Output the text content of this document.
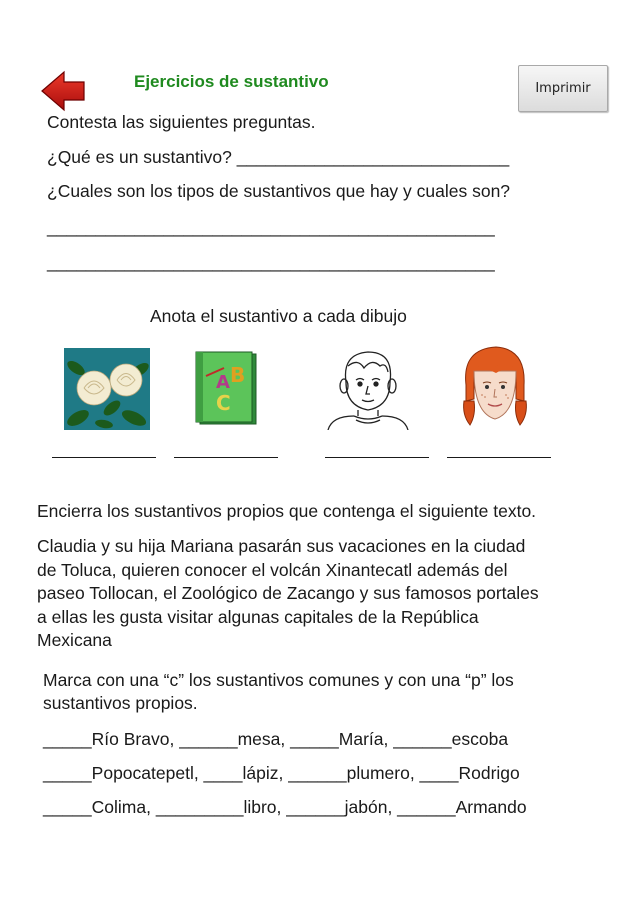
Ejercicios de sustantivo	Imprimir
Contesta las siguientes preguntas.
¿Qué es un sustantivo? ____________________________
¿Cuales son los tipos de sustantivos que hay y cuales son?
______________________________________________
______________________________________________
Anota el sustantivo a cada dibujo
B
A
C
Encierra los sustantivos propios que contenga el siguiente texto.
Claudia y su hija Mariana pasarán sus vacaciones en la ciudad
de Toluca, quieren conocer el volcán Xinantecatl además del
paseo Tollocan, el Zoológico de Zacango y sus famosos portales
a ellas les gusta visitar algunas capitales de la República
Mexicana
Marca con una “c” los sustantivos comunes y con una “p” los
sustantivos propios.
_____Río Bravo, ______mesa, _____María, ______escoba
_____Popocatepetl, ____lápiz, ______plumero, ____Rodrigo
_____Colima, _________libro, ______jabón, ______Armando
